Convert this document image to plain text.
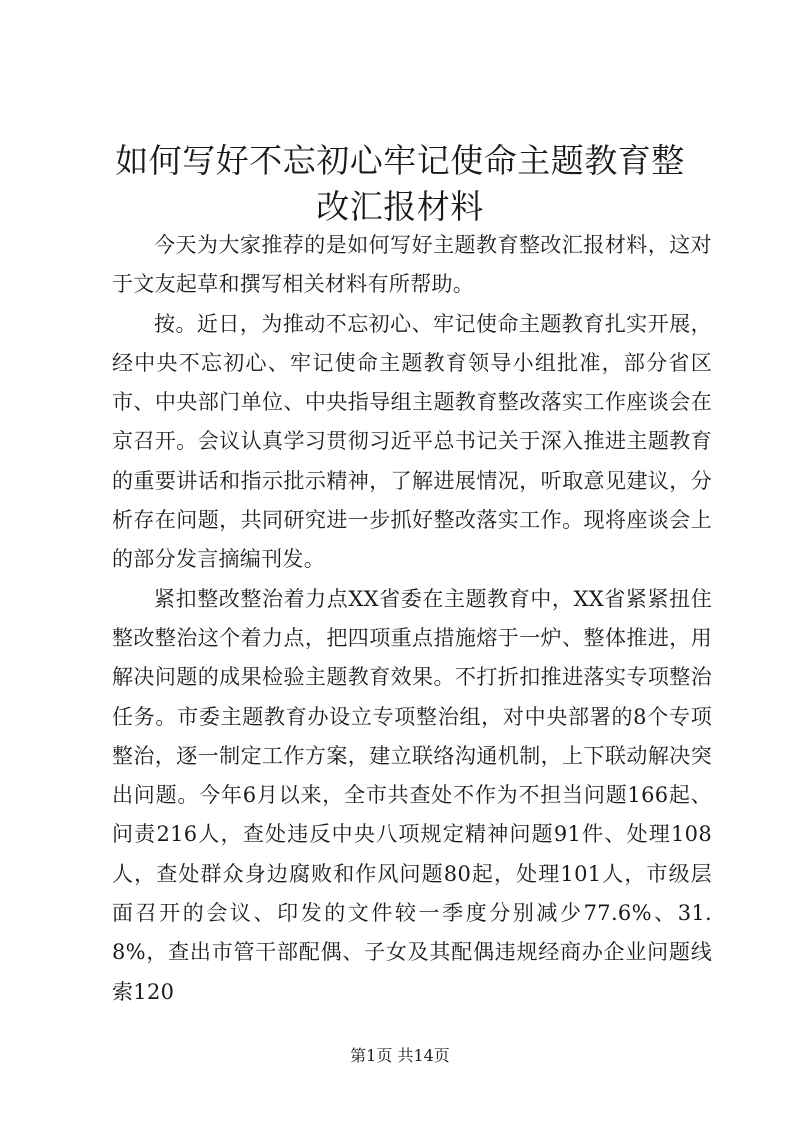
如何写好不忘初心牢记使命主题教育整改汇报材料

今天为大家推荐的是如何写好主题教育整改汇报材料，这对于文友起草和撰写相关材料有所帮助。

按。近日，为推动不忘初心、牢记使命主题教育扎实开展，经中央不忘初心、牢记使命主题教育领导小组批准，部分省区市、中央部门单位、中央指导组主题教育整改落实工作座谈会在京召开。会议认真学习贯彻习近平总书记关于深入推进主题教育的重要讲话和指示批示精神，了解进展情况，听取意见建议，分析存在问题，共同研究进一步抓好整改落实工作。现将座谈会上的部分发言摘编刊发。

紧扣整改整治着力点XX省委在主题教育中，XX省紧紧扭住整改整治这个着力点，把四项重点措施熔于一炉、整体推进，用解决问题的成果检验主题教育效果。不打折扣推进落实专项整治任务。市委主题教育办设立专项整治组，对中央部署的8个专项整治，逐一制定工作方案，建立联络沟通机制，上下联动解决突出问题。今年6月以来，全市共查处不作为不担当问题166起、问责216人，查处违反中央八项规定精神问题91件、处理108人，查处群众身边腐败和作风问题80起，处理101人，市级层面召开的会议、印发的文件较一季度分别减少77.6%、31.8%，查出市管干部配偶、子女及其配偶违规经商办企业问题线索120

第1页 共14页
